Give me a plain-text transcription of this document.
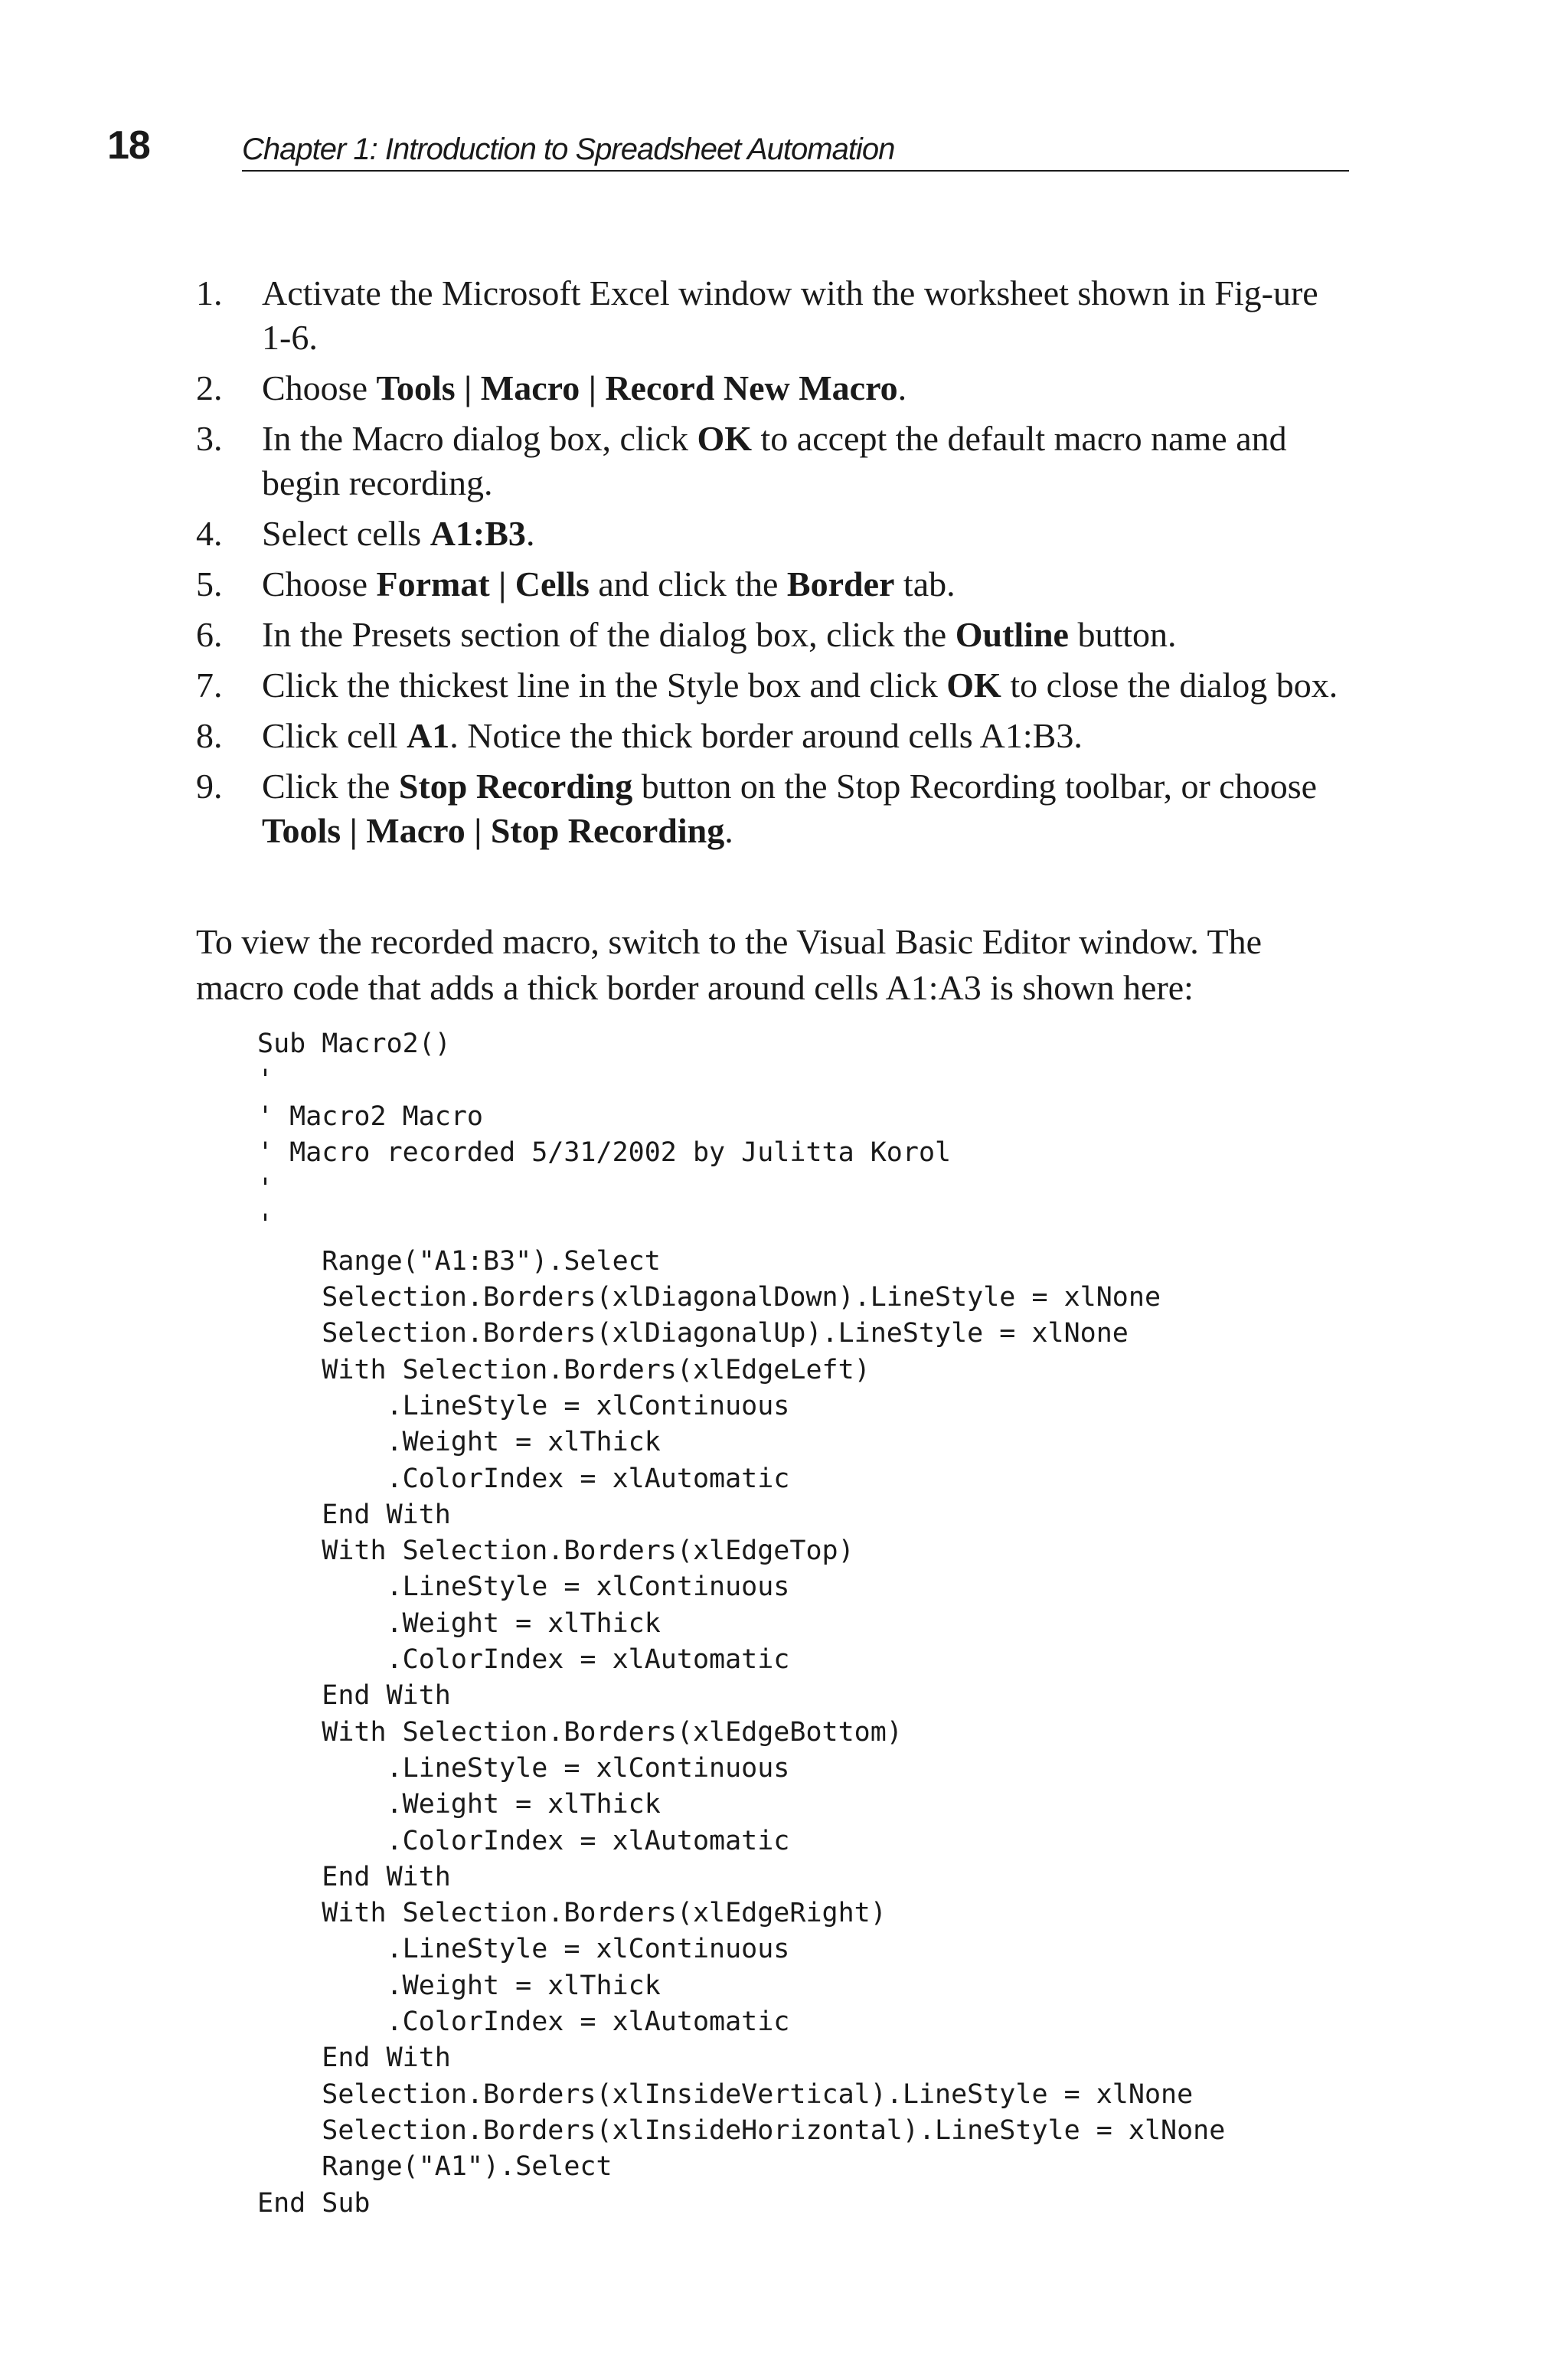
18	Chapter 1: Introduction to Spreadsheet Automation
1. Activate the Microsoft Excel window with the worksheet shown in Fig-ure 1-6.
2. Choose Tools | Macro | Record New Macro.
3. In the Macro dialog box, click OK to accept the default macro name and begin recording.
4. Select cells A1:B3.
5. Choose Format | Cells and click the Border tab.
6. In the Presets section of the dialog box, click the Outline button.
7. Click the thickest line in the Style box and click OK to close the dialog box.
8. Click cell A1. Notice the thick border around cells A1:B3.
9. Click the Stop Recording button on the Stop Recording toolbar, or choose Tools | Macro | Stop Recording.

To view the recorded macro, switch to the Visual Basic Editor window. The macro code that adds a thick border around cells A1:A3 is shown here:

Sub Macro2()
'
' Macro2 Macro
' Macro recorded 5/31/2002 by Julitta Korol
'
'
Range("A1:B3").Select
Selection.Borders(xlDiagonalDown).LineStyle = xlNone
Selection.Borders(xlDiagonalUp).LineStyle = xlNone
With Selection.Borders(xlEdgeLeft)
.LineStyle = xlContinuous
.Weight = xlThick
.ColorIndex = xlAutomatic
End With
With Selection.Borders(xlEdgeTop)
.LineStyle = xlContinuous
.Weight = xlThick
.ColorIndex = xlAutomatic
End With
With Selection.Borders(xlEdgeBottom)
.LineStyle = xlContinuous
.Weight = xlThick
.ColorIndex = xlAutomatic
End With
With Selection.Borders(xlEdgeRight)
.LineStyle = xlContinuous
.Weight = xlThick
.ColorIndex = xlAutomatic
End With
Selection.Borders(xlInsideVertical).LineStyle = xlNone
Selection.Borders(xlInsideHorizontal).LineStyle = xlNone
Range("A1").Select
End Sub
